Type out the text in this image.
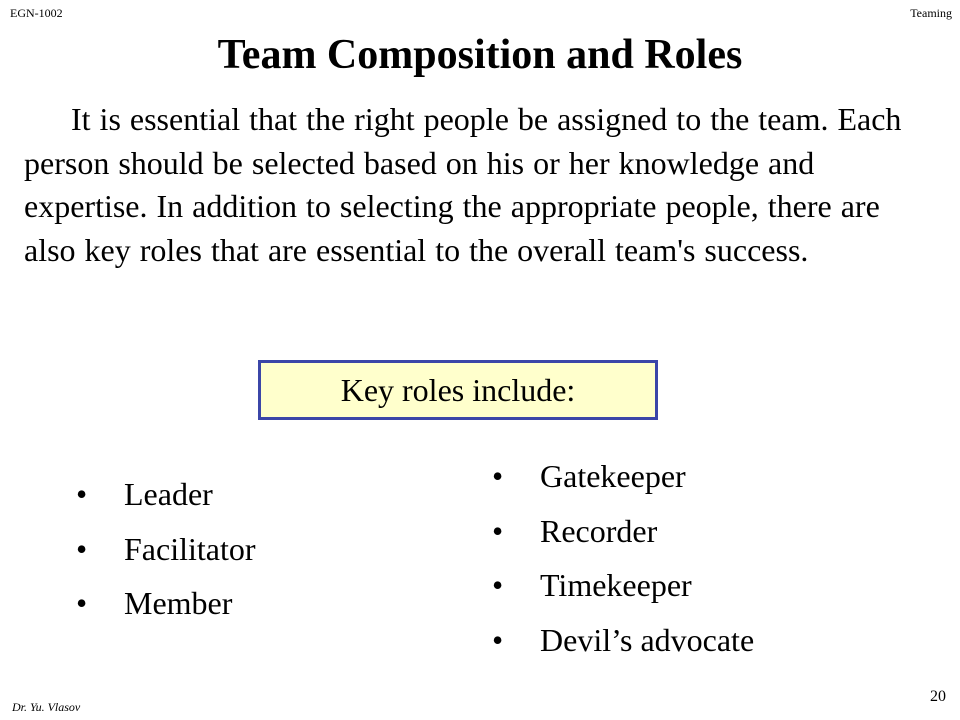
EGN-1002	Teaming
Team Composition and Roles

It is essential that the right people be assigned to the team. Each person should be selected based on his or her knowledge and expertise. In addition to selecting the appropriate people, there are also key roles that are essential to the overall team's success.

Key roles include:
• Leader
• Facilitator
• Member
• Gatekeeper
• Recorder
• Timekeeper
• Devil’s advocate
Dr. Yu. Vlasov
20
